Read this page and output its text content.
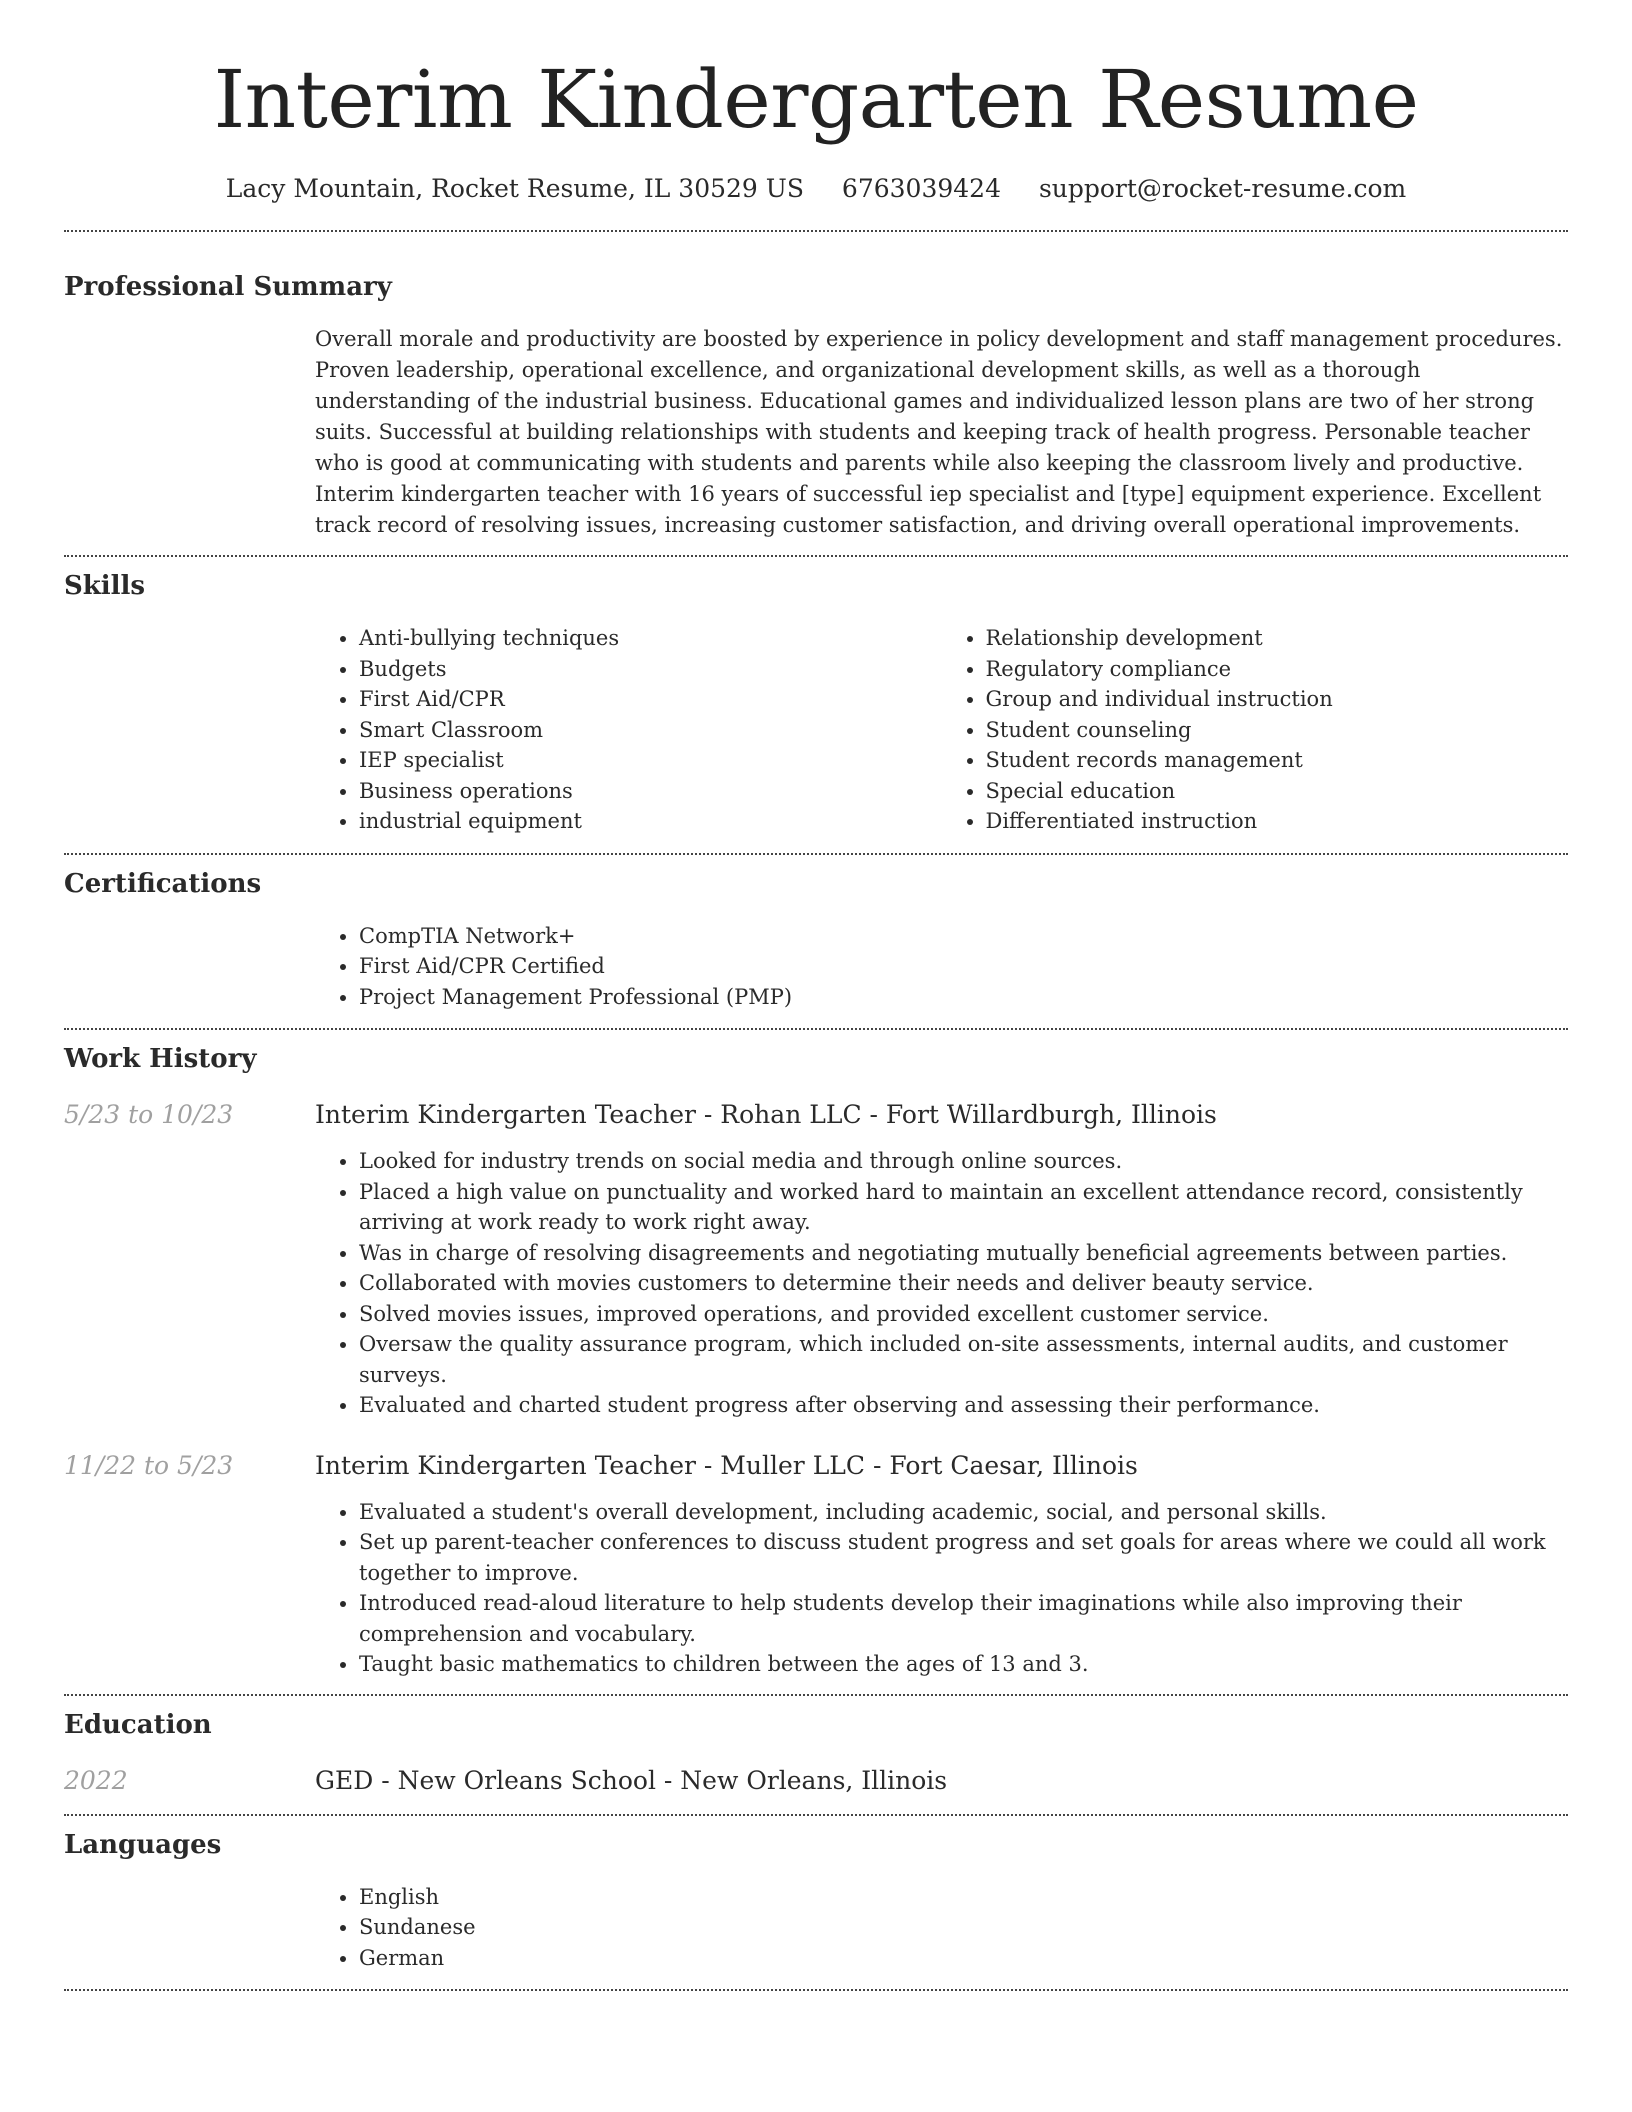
Interim Kindergarten Resume
Lacy Mountain, Rocket Resume, IL 30529 US 6763039424 support@rocket-resume.com
Professional Summary

Overall morale and productivity are boosted by experience in policy development and staff management procedures. Proven leadership, operational excellence, and organizational development skills, as well as a thorough understanding of the industrial business. Educational games and individualized lesson plans are two of her strong suits. Successful at building relationships with students and keeping track of health progress. Personable teacher who is good at communicating with students and parents while also keeping the classroom lively and productive. Interim kindergarten teacher with 16 years of successful iep specialist and [type] equipment experience. Excellent track record of resolving issues, increasing customer satisfaction, and driving overall operational improvements.

Skills
• Anti-bullying techniques
• Budgets
• First Aid/CPR
• Smart Classroom
• IEP specialist
• Business operations
• industrial equipment
• Relationship development
• Regulatory compliance
• Group and individual instruction
• Student counseling
• Student records management
• Special education
• Differentiated instruction
Certifications
• CompTIA Network+
• First Aid/CPR Certified
• Project Management Professional (PMP)
Work History
5/23 to 10/23	Interim Kindergarten Teacher - Rohan LLC - Fort Willardburgh, Illinois
• Looked for industry trends on social media and through online sources.
• Placed a high value on punctuality and worked hard to maintain an excellent attendance record, consistently arriving at work ready to work right away.
• Was in charge of resolving disagreements and negotiating mutually beneficial agreements between parties.
• Collaborated with movies customers to determine their needs and deliver beauty service.
• Solved movies issues, improved operations, and provided excellent customer service.
• Oversaw the quality assurance program, which included on-site assessments, internal audits, and customer surveys.
• Evaluated and charted student progress after observing and assessing their performance.
11/22 to 5/23	Interim Kindergarten Teacher - Muller LLC - Fort Caesar, Illinois
• Evaluated a student's overall development, including academic, social, and personal skills.
• Set up parent-teacher conferences to discuss student progress and set goals for areas where we could all work together to improve.
• Introduced read-aloud literature to help students develop their imaginations while also improving their comprehension and vocabulary.
• Taught basic mathematics to children between the ages of 13 and 3.
Education
2022	GED - New Orleans School - New Orleans, Illinois
Languages
• English
• Sundanese
• German
